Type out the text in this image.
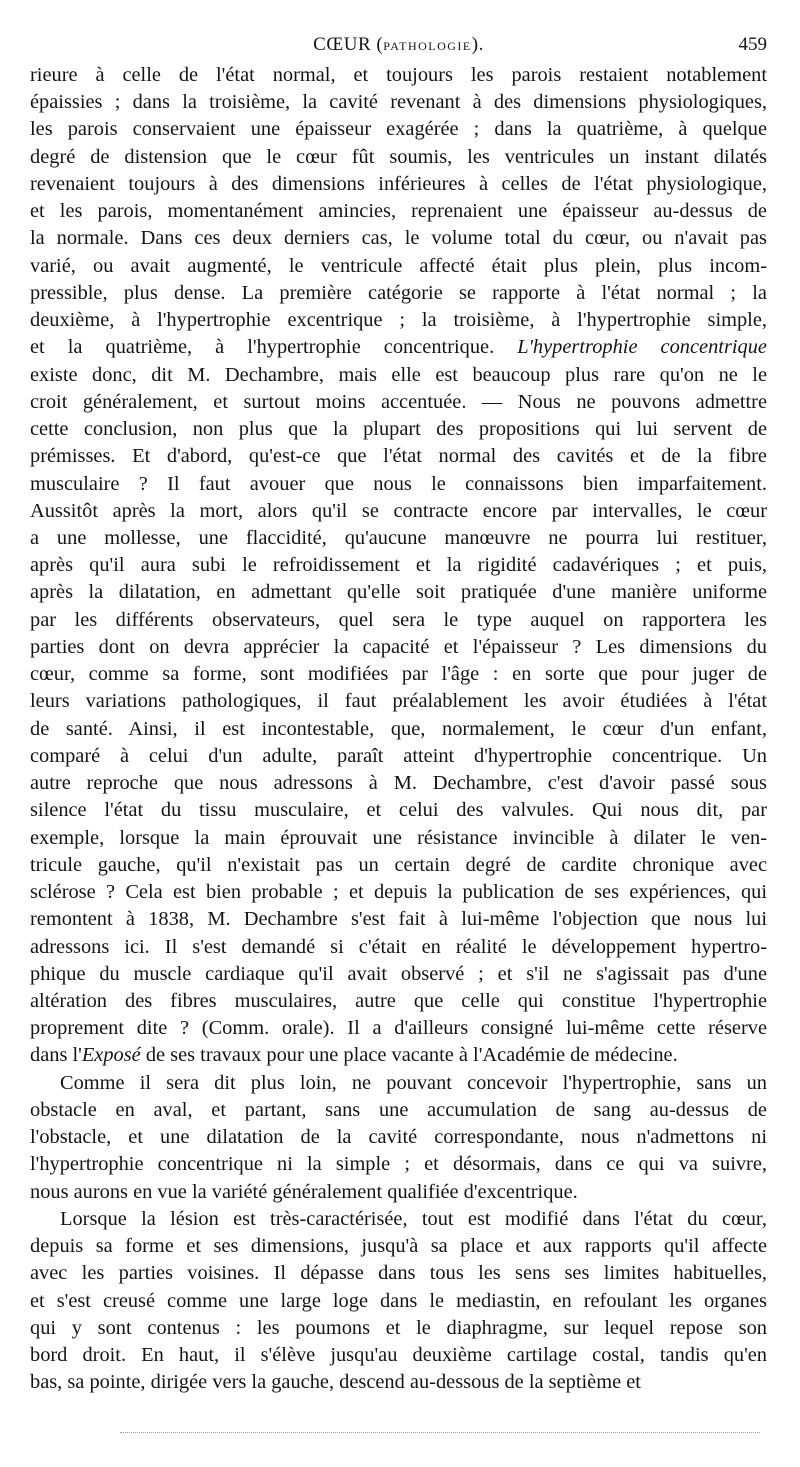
CŒUR (PATHOLOGIE).	459

rieure à celle de l'état normal, et toujours les parois restaient notablement
épaissies ; dans la troisième, la cavité revenant à des dimensions physiologiques,
les parois conservaient une épaisseur exagérée ; dans la quatrième, à quelque
degré de distension que le cœur fût soumis, les ventricules un instant dilatés
revenaient toujours à des dimensions inférieures à celles de l'état physiologique,
et les parois, momentanément amincies, reprenaient une épaisseur au-dessus de
la normale. Dans ces deux derniers cas, le volume total du cœur, ou n'avait pas
varié, ou avait augmenté, le ventricule affecté était plus plein, plus incom-
pressible, plus dense. La première catégorie se rapporte à l'état normal ; la
deuxième, à l'hypertrophie excentrique ; la troisième, à l'hypertrophie simple,
et la quatrième, à l'hypertrophie concentrique. L'hypertrophie concentrique
existe donc, dit M. Dechambre, mais elle est beaucoup plus rare qu'on ne le
croit généralement, et surtout moins accentuée. — Nous ne pouvons admettre
cette conclusion, non plus que la plupart des propositions qui lui servent de
prémisses. Et d'abord, qu'est-ce que l'état normal des cavités et de la fibre
musculaire ? Il faut avouer que nous le connaissons bien imparfaitement.
Aussitôt après la mort, alors qu'il se contracte encore par intervalles, le cœur
a une mollesse, une flaccidité, qu'aucune manœuvre ne pourra lui restituer,
après qu'il aura subi le refroidissement et la rigidité cadavériques ; et puis,
après la dilatation, en admettant qu'elle soit pratiquée d'une manière uniforme
par les différents observateurs, quel sera le type auquel on rapportera les
parties dont on devra apprécier la capacité et l'épaisseur ? Les dimensions du
cœur, comme sa forme, sont modifiées par l'âge : en sorte que pour juger de
leurs variations pathologiques, il faut préalablement les avoir étudiées à l'état
de santé. Ainsi, il est incontestable, que, normalement, le cœur d'un enfant,
comparé à celui d'un adulte, paraît atteint d'hypertrophie concentrique. Un
autre reproche que nous adressons à M. Dechambre, c'est d'avoir passé sous
silence l'état du tissu musculaire, et celui des valvules. Qui nous dit, par
exemple, lorsque la main éprouvait une résistance invincible à dilater le ven-
tricule gauche, qu'il n'existait pas un certain degré de cardite chronique avec
sclérose ? Cela est bien probable ; et depuis la publication de ses expériences, qui
remontent à 1838, M. Dechambre s'est fait à lui-même l'objection que nous lui
adressons ici. Il s'est demandé si c'était en réalité le développement hypertro-
phique du muscle cardiaque qu'il avait observé ; et s'il ne s'agissait pas d'une
altération des fibres musculaires, autre que celle qui constitue l'hypertrophie
proprement dite ? (Comm. orale). Il a d'ailleurs consigné lui-même cette réserve
dans l'Exposé de ses travaux pour une place vacante à l'Académie de médecine.

Comme il sera dit plus loin, ne pouvant concevoir l'hypertrophie, sans un
obstacle en aval, et partant, sans une accumulation de sang au-dessus de
l'obstacle, et une dilatation de la cavité correspondante, nous n'admettons ni
l'hypertrophie concentrique ni la simple ; et désormais, dans ce qui va suivre,
nous aurons en vue la variété généralement qualifiée d'excentrique.

Lorsque la lésion est très-caractérisée, tout est modifié dans l'état du cœur,
depuis sa forme et ses dimensions, jusqu'à sa place et aux rapports qu'il affecte
avec les parties voisines. Il dépasse dans tous les sens ses limites habituelles,
et s'est creusé comme une large loge dans le mediastin, en refoulant les organes
qui y sont contenus : les poumons et le diaphragme, sur lequel repose son
bord droit. En haut, il s'élève jusqu'au deuxième cartilage costal, tandis qu'en
bas, sa pointe, dirigée vers la gauche, descend au-dessous de la septième et
